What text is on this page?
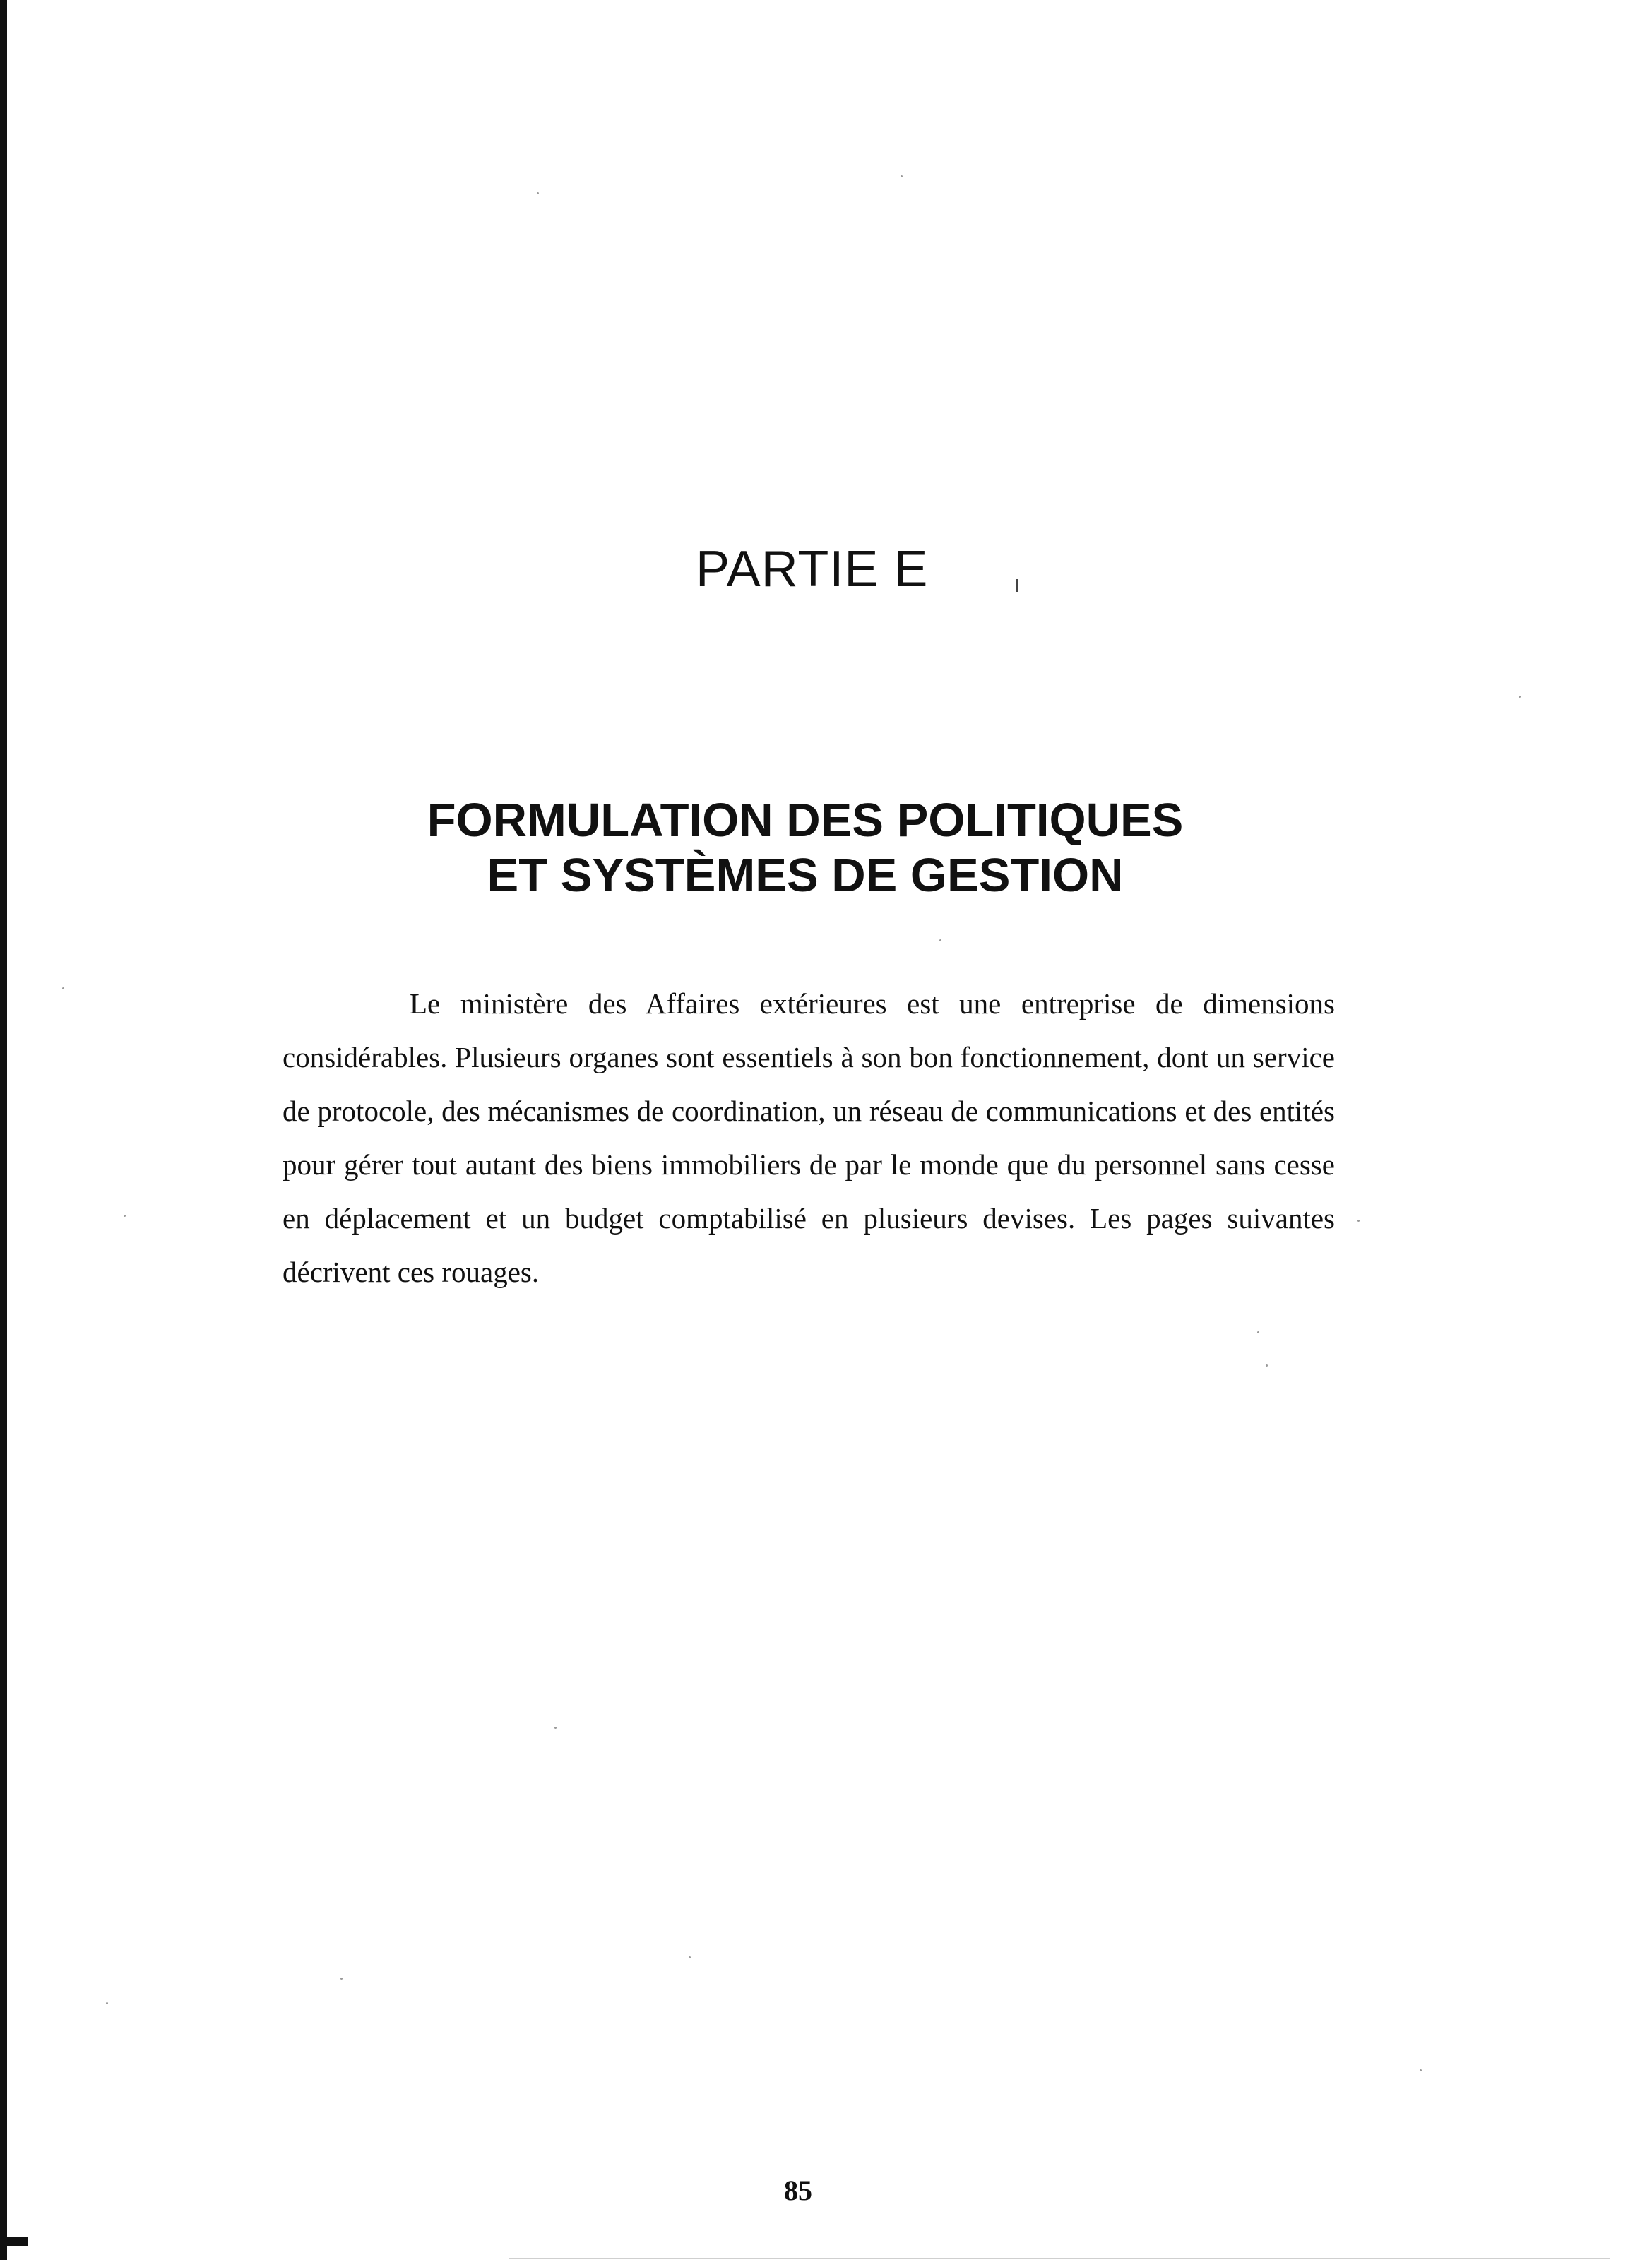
PARTIE E
FORMULATION DES POLITIQUES
ET SYSTÈMES DE GESTION

Le ministère des Affaires extérieures est une entreprise de dimensions considérables. Plusieurs organes sont essentiels à son bon fonctionnement, dont un service de protocole, des mécanismes de coordination, un réseau de communications et des entités pour gérer tout autant des biens immobiliers de par le monde que du personnel sans cesse en déplacement et un budget comptabilisé en plusieurs devises. Les pages suivantes décrivent ces rouages.

85
